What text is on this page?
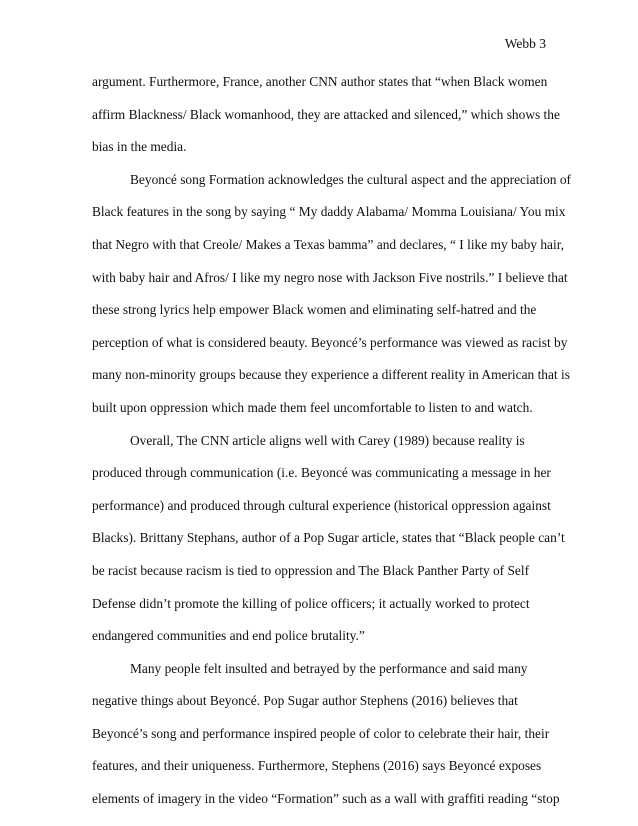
Webb 3
argument. Furthermore, France, another CNN author states that “when Black women
affirm Blackness/ Black womanhood, they are attacked and silenced,” which shows the
bias in the media.
Beyoncé song Formation acknowledges the cultural aspect and the appreciation of
Black features in the song by saying “ My daddy Alabama/ Momma Louisiana/ You mix
that Negro with that Creole/ Makes a Texas bamma” and declares, “ I like my baby hair,
with baby hair and Afros/ I like my negro nose with Jackson Five nostrils.” I believe that
these strong lyrics help empower Black women and eliminating self-hatred and the
perception of what is considered beauty. Beyoncé’s performance was viewed as racist by
many non-minority groups because they experience a different reality in American that is
built upon oppression which made them feel uncomfortable to listen to and watch.
Overall, The CNN article aligns well with Carey (1989) because reality is
produced through communication (i.e. Beyoncé was communicating a message in her
performance) and produced through cultural experience (historical oppression against
Blacks). Brittany Stephans, author of a Pop Sugar article, states that “Black people can’t
be racist because racism is tied to oppression and The Black Panther Party of Self
Defense didn’t promote the killing of police officers; it actually worked to protect
endangered communities and end police brutality.”
Many people felt insulted and betrayed by the performance and said many
negative things about Beyoncé. Pop Sugar author Stephens (2016) believes that
Beyoncé’s song and performance inspired people of color to celebrate their hair, their
features, and their uniqueness. Furthermore, Stephens (2016) says Beyoncé exposes
elements of imagery in the video “Formation” such as a wall with graffiti reading “stop
